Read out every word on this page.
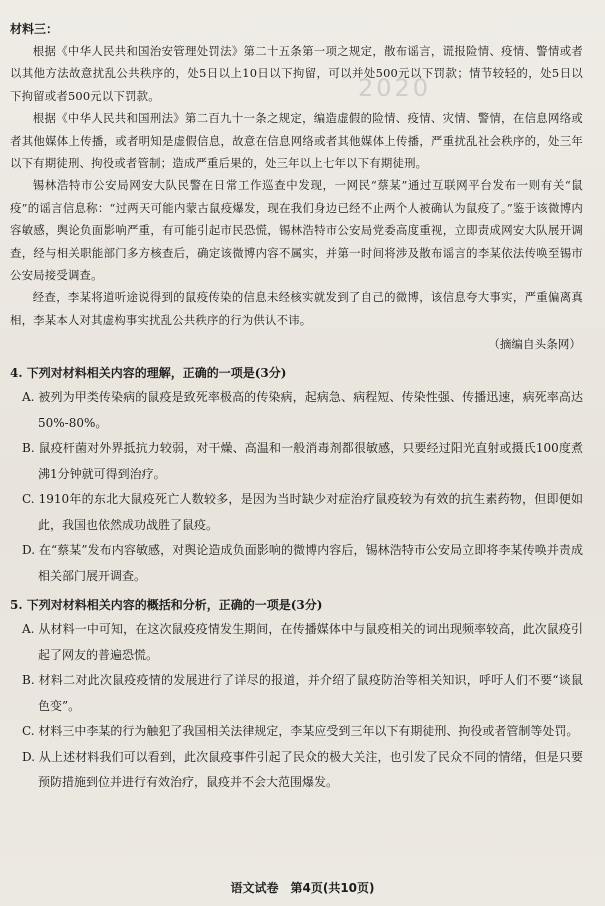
2020

材料三：

根据《中华人民共和国治安管理处罚法》第二十五条第一项之规定，散布谣言，谎报险情、疫情、警情或者以其他方法故意扰乱公共秩序的，处5日以上10日以下拘留，可以并处500元以下罚款；情节较轻的，处5日以下拘留或者500元以下罚款。

根据《中华人民共和国刑法》第二百九十一条之规定，编造虚假的险情、疫情、灾情、警情，在信息网络或者其他媒体上传播，或者明知是虚假信息，故意在信息网络或者其他媒体上传播，严重扰乱社会秩序的，处三年以下有期徒刑、拘役或者管制；造成严重后果的，处三年以上七年以下有期徒刑。

锡林浩特市公安局网安大队民警在日常工作巡查中发现，一网民“蔡某”通过互联网平台发布一则有关“鼠疫”的谣言信息称：“过两天可能内蒙古鼠疫爆发，现在我们身边已经不止两个人被确认为鼠疫了。”鉴于该微博内容敏感，舆论负面影响严重，有可能引起市民恐慌，锡林浩特市公安局党委高度重视，立即责成网安大队展开调查，经与相关职能部门多方核查后，确定该微博内容不属实，并第一时间将涉及散布谣言的李某依法传唤至锡市公安局接受调查。

经查，李某将道听途说得到的鼠疫传染的信息未经核实就发到了自己的微博，该信息夸大事实，严重偏离真相，李某本人对其虚构事实扰乱公共秩序的行为供认不讳。

（摘编自头条网）

4. 下列对材料相关内容的理解，正确的一项是(3分)

A. 被列为甲类传染病的鼠疫是致死率极高的传染病，起病急、病程短、传染性强、传播迅速，病死率高达50%-80%。

B. 鼠疫杆菌对外界抵抗力较弱，对干燥、高温和一般消毒剂都很敏感，只要经过阳光直射或摄氏100度煮沸1分钟就可得到治疗。

C. 1910年的东北大鼠疫死亡人数较多，是因为当时缺少对症治疗鼠疫较为有效的抗生素药物，但即便如此，我国也依然成功战胜了鼠疫。

D. 在“蔡某”发布内容敏感，对舆论造成负面影响的微博内容后，锡林浩特市公安局立即将李某传唤并责成相关部门展开调查。

5. 下列对材料相关内容的概括和分析，正确的一项是(3分)

A. 从材料一中可知，在这次鼠疫疫情发生期间，在传播媒体中与鼠疫相关的词出现频率较高，此次鼠疫引起了网友的普遍恐慌。

B. 材料二对此次鼠疫疫情的发展进行了详尽的报道，并介绍了鼠疫防治等相关知识，呼吁人们不要“谈鼠色变”。

C. 材料三中李某的行为触犯了我国相关法律规定，李某应受到三年以下有期徒刑、拘役或者管制等处罚。

D. 从上述材料我们可以看到，此次鼠疫事件引起了民众的极大关注，也引发了民众不同的情绪，但是只要预防措施到位并进行有效治疗，鼠疫并不会大范围爆发。

语文试卷　第4页(共10页)
